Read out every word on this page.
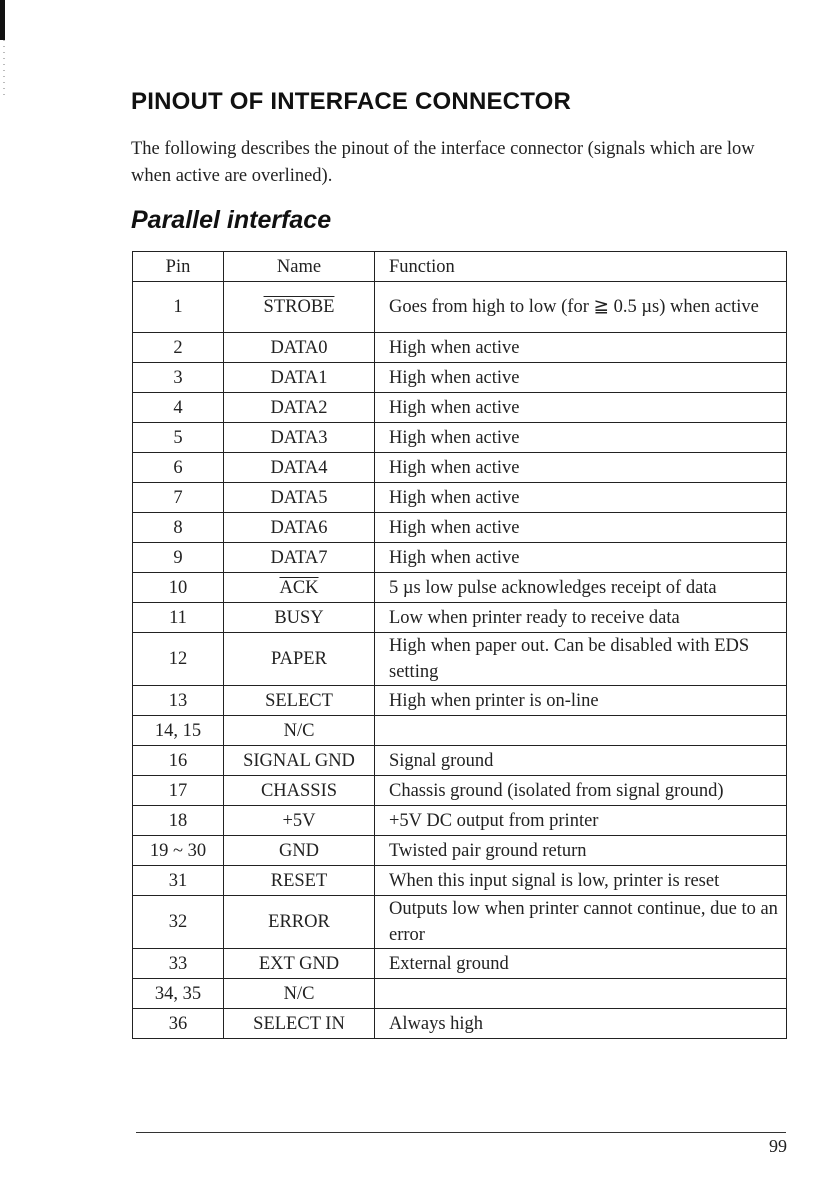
PINOUT OF INTERFACE CONNECTOR

The following describes the pinout of the interface connector (signals which are low when active are overlined).

Parallel interface
Pin	Name	Function
1	STROBE	Goes from high to low (for ≧ 0.5 µs) when active
2	DATA0	High when active
3	DATA1	High when active
4	DATA2	High when active
5	DATA3	High when active
6	DATA4	High when active
7	DATA5	High when active
8	DATA6	High when active
9	DATA7	High when active
10	$\overline{ACK}$	5 µs low pulse acknowledges receipt of data
11	BUSY	Low when printer ready to receive data
12	PAPER	High when paper out. Can be disabled with EDS setting
13	SELECT	High when printer is on-line
14, 15	N/C	
16	SIGNAL GND	Signal ground
17	CHASSIS	Chassis ground (isolated from signal ground)
18	+5V	+5V DC output from printer
19 ~ 30	GND	Twisted pair ground return
31	RESET	When this input signal is low, printer is reset
32	ERROR	Outputs low when printer cannot continue, due to an error
33	EXT GND	External ground
34, 35	N/C	
36	SELECT IN	Always high
99
